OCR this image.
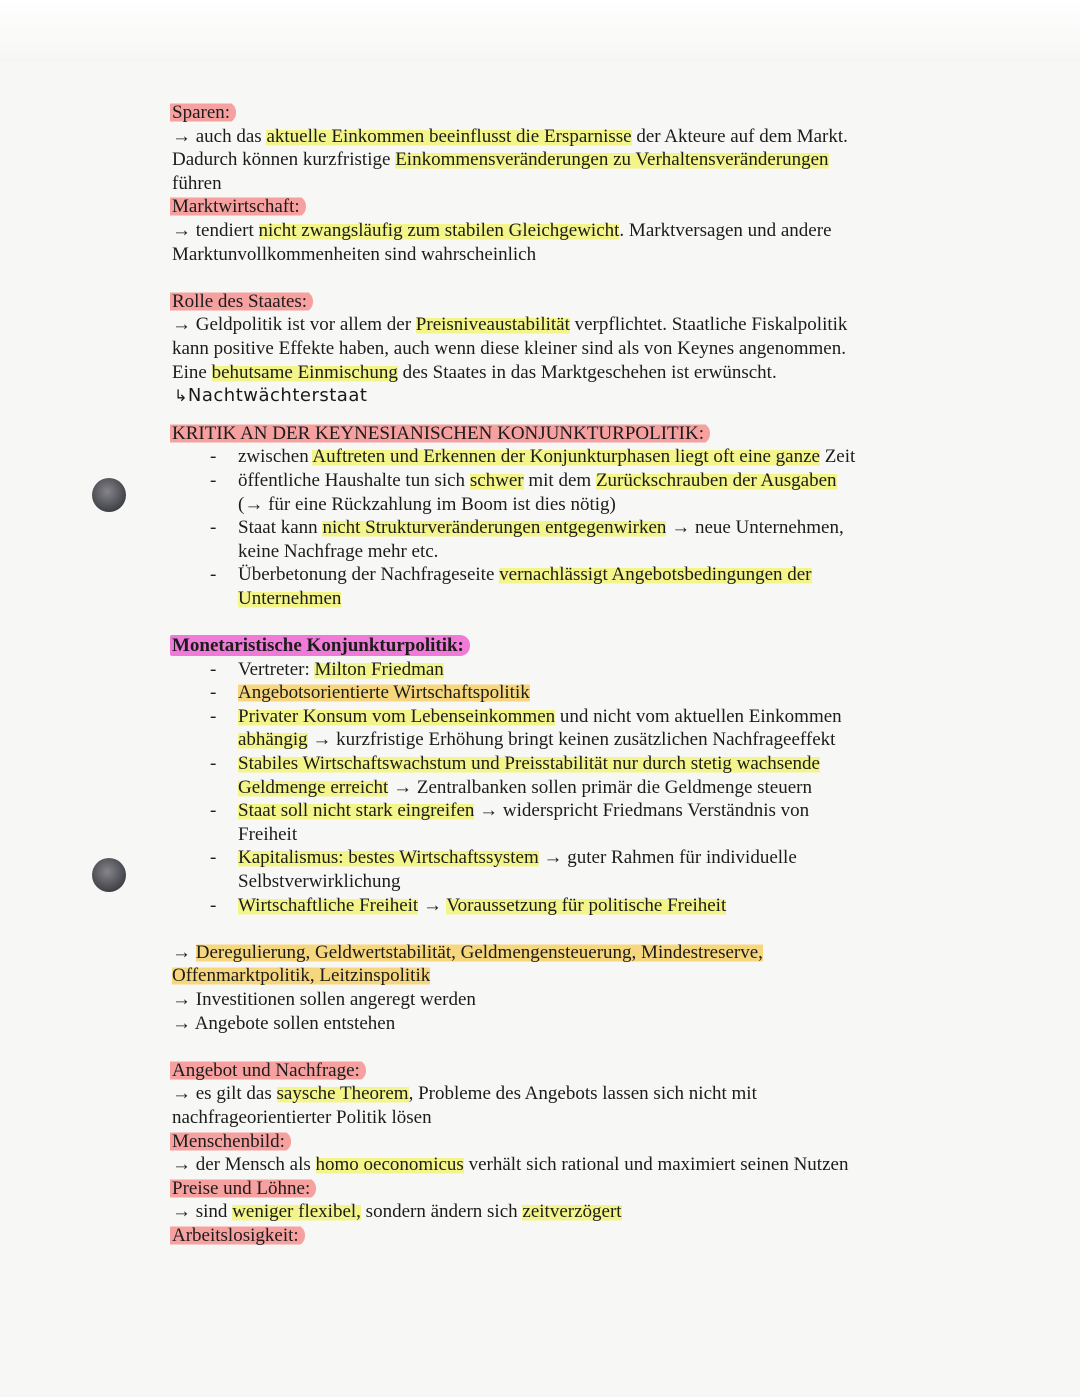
Sparen:
→ auch das aktuelle Einkommen beeinflusst die Ersparnisse der Akteure auf dem Markt.
Dadurch können kurzfristige Einkommensveränderungen zu Verhaltensveränderungen
führen
Marktwirtschaft:
→ tendiert nicht zwangsläufig zum stabilen Gleichgewicht. Marktversagen und andere
Marktunvollkommenheiten sind wahrscheinlich
Rolle des Staates:
→ Geldpolitik ist vor allem der Preisniveaustabilität verpflichtet. Staatliche Fiskalpolitik
kann positive Effekte haben, auch wenn diese kleiner sind als von Keynes angenommen.
Eine behutsame Einmischung des Staates in das Marktgeschehen ist erwünscht.
↳Nachtwächterstaat
KRITIK AN DER KEYNESIANISCHEN KONJUNKTURPOLITIK:
- zwischen Auftreten und Erkennen der Konjunkturphasen liegt oft eine ganze Zeit
- öffentliche Haushalte tun sich schwer mit dem Zurückschrauben der Ausgaben
(→ für eine Rückzahlung im Boom ist dies nötig)
- Staat kann nicht Strukturveränderungen entgegenwirken → neue Unternehmen,
keine Nachfrage mehr etc.
- Überbetonung der Nachfrageseite vernachlässigt Angebotsbedingungen der
Unternehmen
Monetaristische Konjunkturpolitik:
- Vertreter: Milton Friedman
- Angebotsorientierte Wirtschaftspolitik
- Privater Konsum vom Lebenseinkommen und nicht vom aktuellen Einkommen
abhängig → kurzfristige Erhöhung bringt keinen zusätzlichen Nachfrageeffekt
- Stabiles Wirtschaftswachstum und Preisstabilität nur durch stetig wachsende
Geldmenge erreicht → Zentralbanken sollen primär die Geldmenge steuern
- Staat soll nicht stark eingreifen → widerspricht Friedmans Verständnis von
Freiheit
- Kapitalismus: bestes Wirtschaftssystem → guter Rahmen für individuelle
Selbstverwirklichung
- Wirtschaftliche Freiheit → Voraussetzung für politische Freiheit
→ Deregulierung, Geldwertstabilität, Geldmengensteuerung, Mindestreserve,
Offenmarktpolitik, Leitzinspolitik
→ Investitionen sollen angeregt werden
→ Angebote sollen entstehen
Angebot und Nachfrage:
→ es gilt das saysche Theorem, Probleme des Angebots lassen sich nicht mit
nachfrageorientierter Politik lösen
Menschenbild:
→ der Mensch als homo oeconomicus verhält sich rational und maximiert seinen Nutzen
Preise und Löhne:
→ sind weniger flexibel, sondern ändern sich zeitverzögert
Arbeitslosigkeit:
